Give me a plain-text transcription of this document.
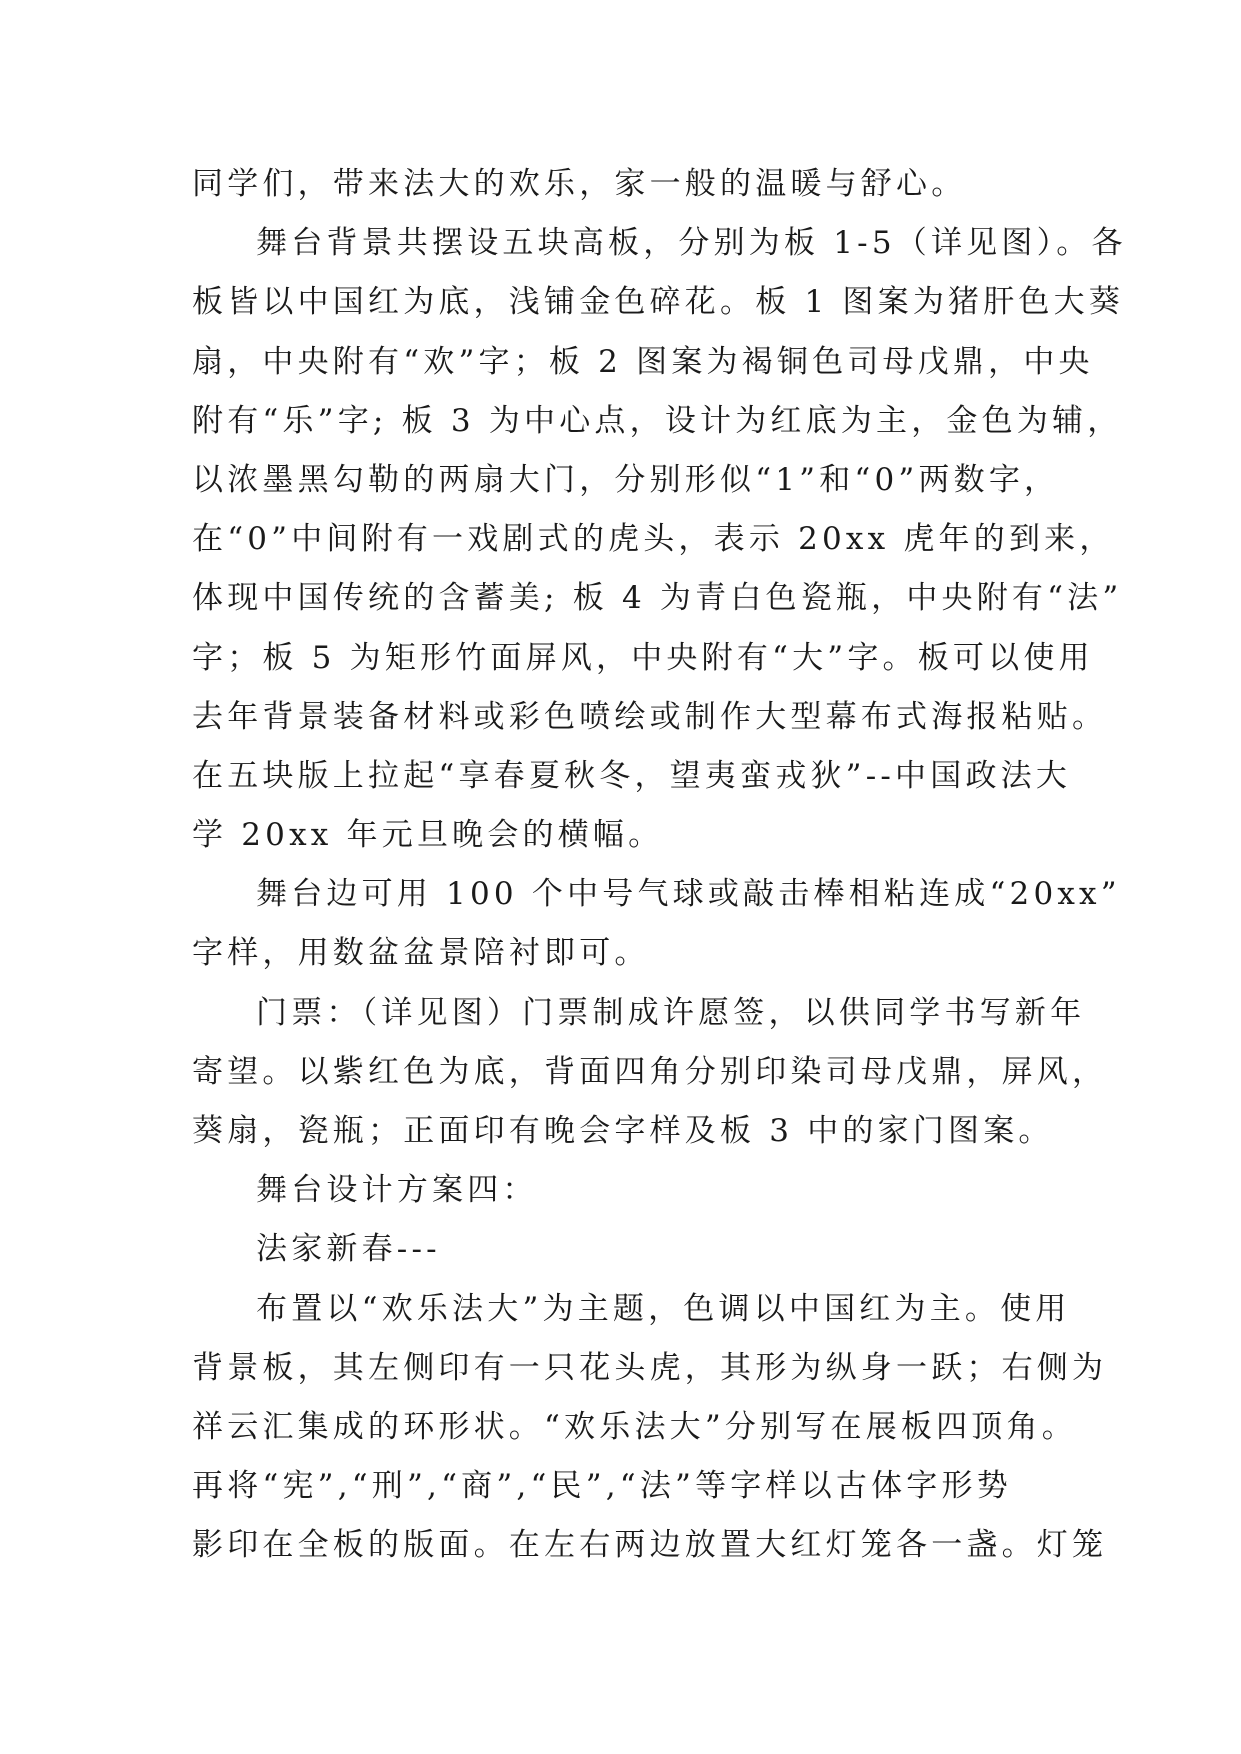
同学们，带来法大的欢乐，家一般的温暖与舒心。
舞台背景共摆设五块高板，分别为板 1-5（详见图）。各
板皆以中国红为底，浅铺金色碎花。板 1 图案为猪肝色大葵
扇，中央附有“欢”字；板 2 图案为褐铜色司母戊鼎，中央
附有“乐”字; 板 3 为中心点，设计为红底为主，金色为辅，
以浓墨黑勾勒的两扇大门，分别形似“1”和“0”两数字，
在“0”中间附有一戏剧式的虎头，表示 20xx 虎年的到来，
体现中国传统的含蓄美; 板 4 为青白色瓷瓶，中央附有“法”
字；板 5 为矩形竹面屏风，中央附有“大”字。板可以使用
去年背景装备材料或彩色喷绘或制作大型幕布式海报粘贴。
在五块版上拉起“享春夏秋冬，望夷蛮戎狄”--中国政法大
学 20xx 年元旦晚会的横幅。
舞台边可用 100 个中号气球或敲击棒相粘连成“20xx”
字样，用数盆盆景陪衬即可。
门票：（详见图）门票制成许愿签，以供同学书写新年
寄望。以紫红色为底，背面四角分别印染司母戊鼎，屏风，
葵扇，瓷瓶；正面印有晚会字样及板 3 中的家门图案。
舞台设计方案四：
法家新春---
布置以“欢乐法大”为主题，色调以中国红为主。使用
背景板，其左侧印有一只花头虎，其形为纵身一跃；右侧为
祥云汇集成的环形状。“欢乐法大”分别写在展板四顶角。
再将“宪”,“刑”,“商”,“民”,“法”等字样以古体字形势
影印在全板的版面。在左右两边放置大红灯笼各一盏。灯笼
